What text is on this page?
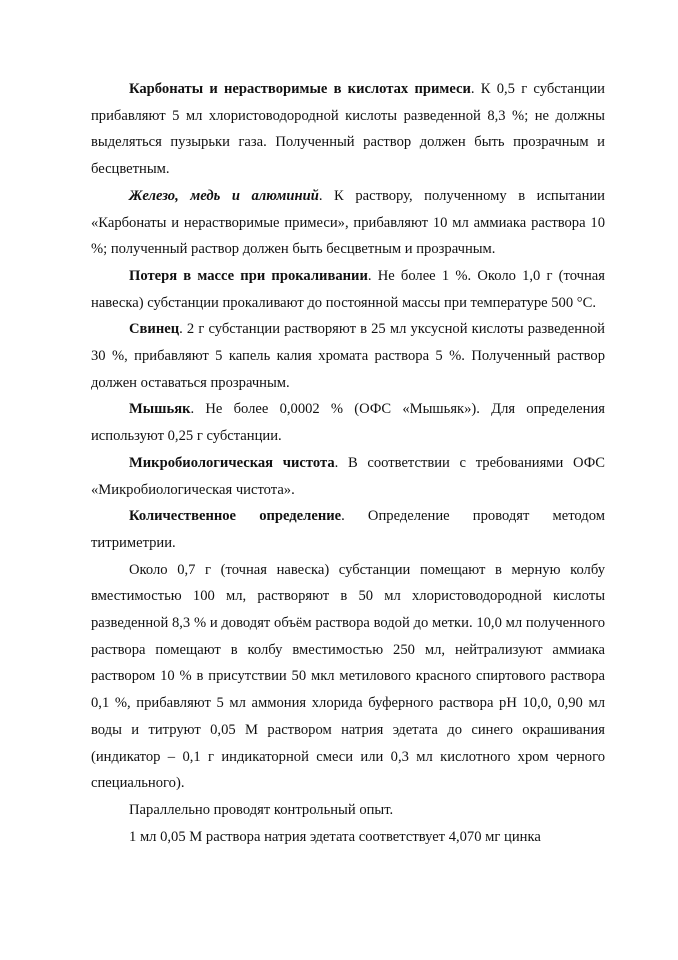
Карбонаты и нерастворимые в кислотах примеси. К 0,5 г субстанции прибавляют 5 мл хлористоводородной кислоты разведенной 8,3 %; не должны выделяться пузырьки газа. Полученный раствор должен быть прозрачным и бесцветным.

Железо, медь и алюминий. К раствору, полученному в испытании «Карбонаты и нерастворимые примеси», прибавляют 10 мл аммиака раствора 10 %; полученный раствор должен быть бесцветным и прозрачным.

Потеря в массе при прокаливании. Не более 1 %. Около 1,0 г (точная навеска) субстанции прокаливают до постоянной массы при температуре 500 °С.

Свинец. 2 г субстанции растворяют в 25 мл уксусной кислоты разведенной 30 %, прибавляют 5 капель калия хромата раствора 5 %. Полученный раствор должен оставаться прозрачным.

Мышьяк. Не более 0,0002 % (ОФС «Мышьяк»). Для определения используют 0,25 г субстанции.

Микробиологическая чистота. В соответствии с требованиями ОФС «Микробиологическая чистота».

Количественное определение. Определение проводят методом титриметрии.

Около 0,7 г (точная навеска) субстанции помещают в мерную колбу вместимостью 100 мл, растворяют в 50 мл хлористоводородной кислоты разведенной 8,3 % и доводят объём раствора водой до метки. 10,0 мл полученного раствора помещают в колбу вместимостью 250 мл, нейтрализуют аммиака раствором 10 % в присутствии 50 мкл метилового красного спиртового раствора 0,1 %, прибавляют 5 мл аммония хлорида буферного раствора рН 10,0, 0,90 мл воды и титруют 0,05 М раствором натрия эдетата до синего окрашивания (индикатор – 0,1 г индикаторной смеси или 0,3 мл кислотного хром черного специального).

Параллельно проводят контрольный опыт.

1 мл 0,05 М раствора натрия эдетата соответствует 4,070 мг цинка
